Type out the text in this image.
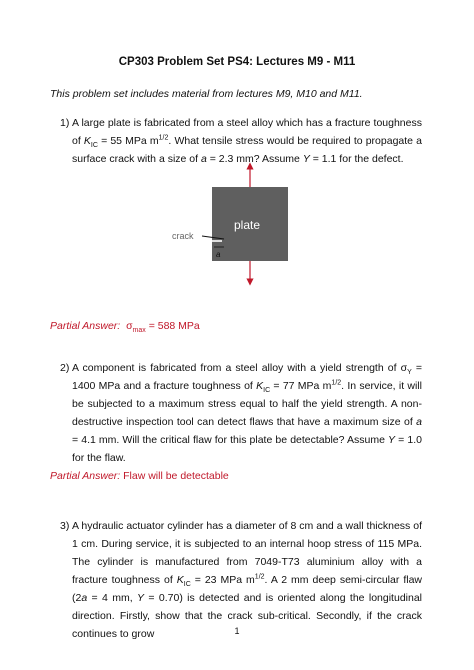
CP303 Problem Set PS4: Lectures M9 - M11
This problem set includes material from lectures M9, M10 and M11.
1) A large plate is fabricated from a steel alloy which has a fracture toughness of $K_{IC} = 55$ MPa $m^{1/2}$. What tensile stress would be required to propagate a surface crack with a size of a = 2.3 mm? Assume Y = 1.1 for the defect.
plate
crack
a
Partial Answer: $\sigma_{max} = 588$ MPa
2) A component is fabricated from a steel alloy with a yield strength of $\sigma_Y = 1400$ MPa and a fracture toughness of $K_{IC} = 77$ MPa $m^{1/2}$. In service, it will be subjected to a maximum stress equal to half the yield strength. A non-destructive inspection tool can detect flaws that have a maximum size of a = 4.1 mm. Will the critical flaw for this plate be detectable? Assume Y = 1.0 for the flaw.
Partial Answer: Flaw will be detectable
3) A hydraulic actuator cylinder has a diameter of 8 cm and a wall thickness of 1 cm. During service, it is subjected to an internal hoop stress of 115 MPa. The cylinder is manufactured from 7049-T73 aluminium alloy with a fracture toughness of $K_{IC} = 23$ MPa $m^{1/2}$. A 2 mm deep semi-circular flaw (2a = 4 mm, Y = 0.70) is detected and is oriented along the longitudinal direction. Firstly, show that the crack sub-critical. Secondly, if the crack continues to grow	1
